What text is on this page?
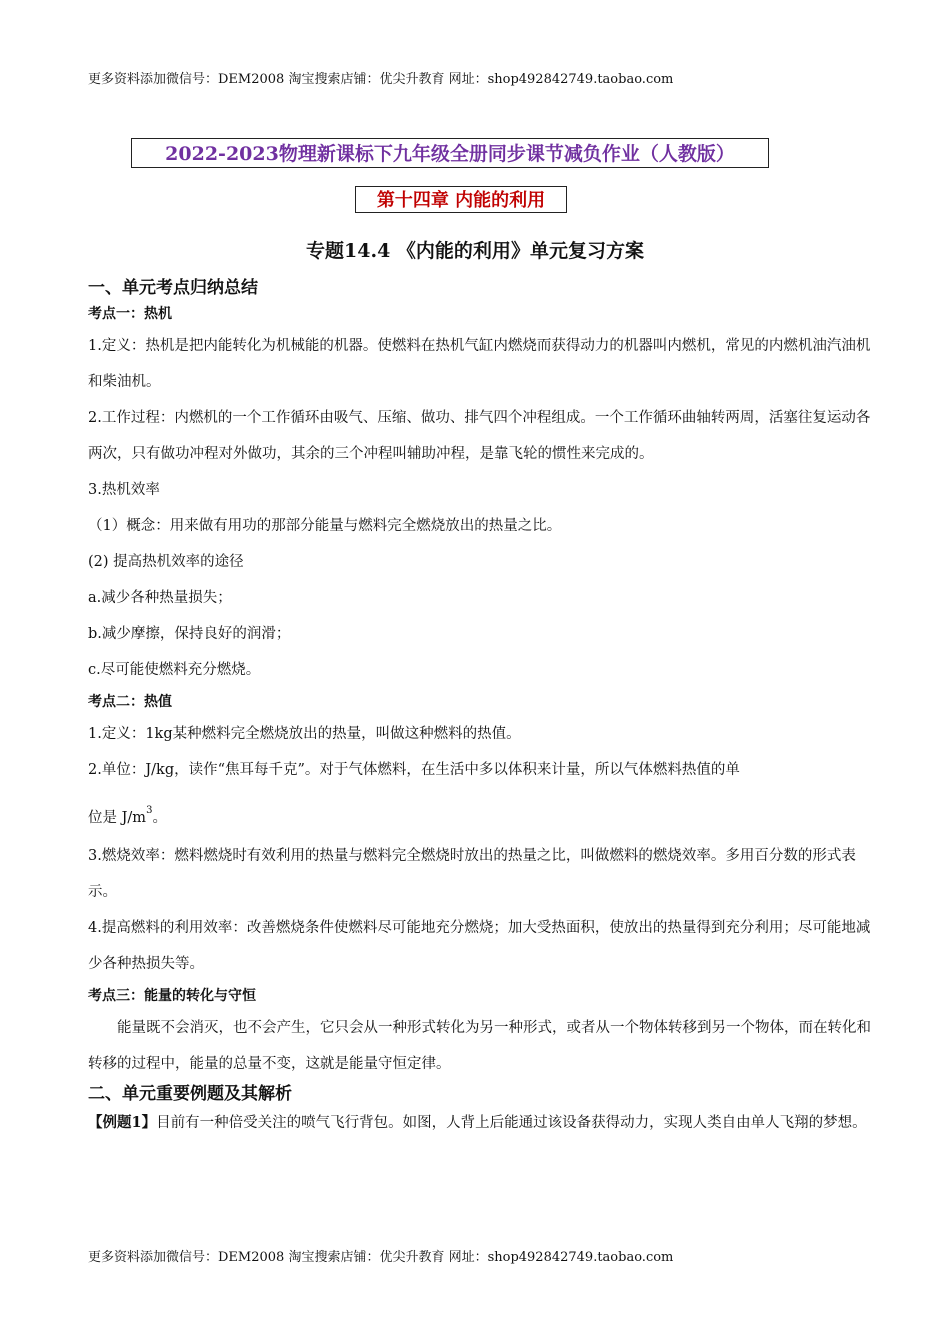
更多资料添加微信号：DEM2008 淘宝搜索店铺：优尖升教育 网址：shop492842749.taobao.com
2022-2023物理新课标下九年级全册同步课节减负作业（人教版）
第十四章 内能的利用
专题14.4 《内能的利用》单元复习方案

一、单元考点归纳总结

考点一：热机

1.定义：热机是把内能转化为机械能的机器。使燃料在热机气缸内燃烧而获得动力的机器叫内燃机，常见的内燃机油汽油机和柴油机。

2.工作过程：内燃机的一个工作循环由吸气、压缩、做功、排气四个冲程组成。一个工作循环曲轴转两周，活塞往复运动各两次，只有做功冲程对外做功，其余的三个冲程叫辅助冲程，是靠飞轮的惯性来完成的。

3.热机效率

（1）概念：用来做有用功的那部分能量与燃料完全燃烧放出的热量之比。

(2) 提高热机效率的途径

a.减少各种热量损失；

b.减少摩擦，保持良好的润滑；

c.尽可能使燃料充分燃烧。

考点二：热值

1.定义：1kg某种燃料完全燃烧放出的热量，叫做这种燃料的热值。

2.单位：J/kg，读作“焦耳每千克”。对于气体燃料，在生活中多以体积来计量，所以气体燃料热值的单

位是 $J/m^3$。

3.燃烧效率：燃料燃烧时有效利用的热量与燃料完全燃烧时放出的热量之比，叫做燃料的燃烧效率。多用百分数的形式表示。

4.提高燃料的利用效率：改善燃烧条件使燃料尽可能地充分燃烧；加大受热面积，使放出的热量得到充分利用；尽可能地减少各种热损失等。

考点三：能量的转化与守恒

能量既不会消灭，也不会产生，它只会从一种形式转化为另一种形式，或者从一个物体转移到另一个物体，而在转化和转移的过程中，能量的总量不变，这就是能量守恒定律。

二、单元重要例题及其解析

【例题1】目前有一种倍受关注的喷气飞行背包。如图，人背上后能通过该设备获得动力，实现人类自由单人飞翔的梦想。

更多资料添加微信号：DEM2008 淘宝搜索店铺：优尖升教育 网址：shop492842749.taobao.com
